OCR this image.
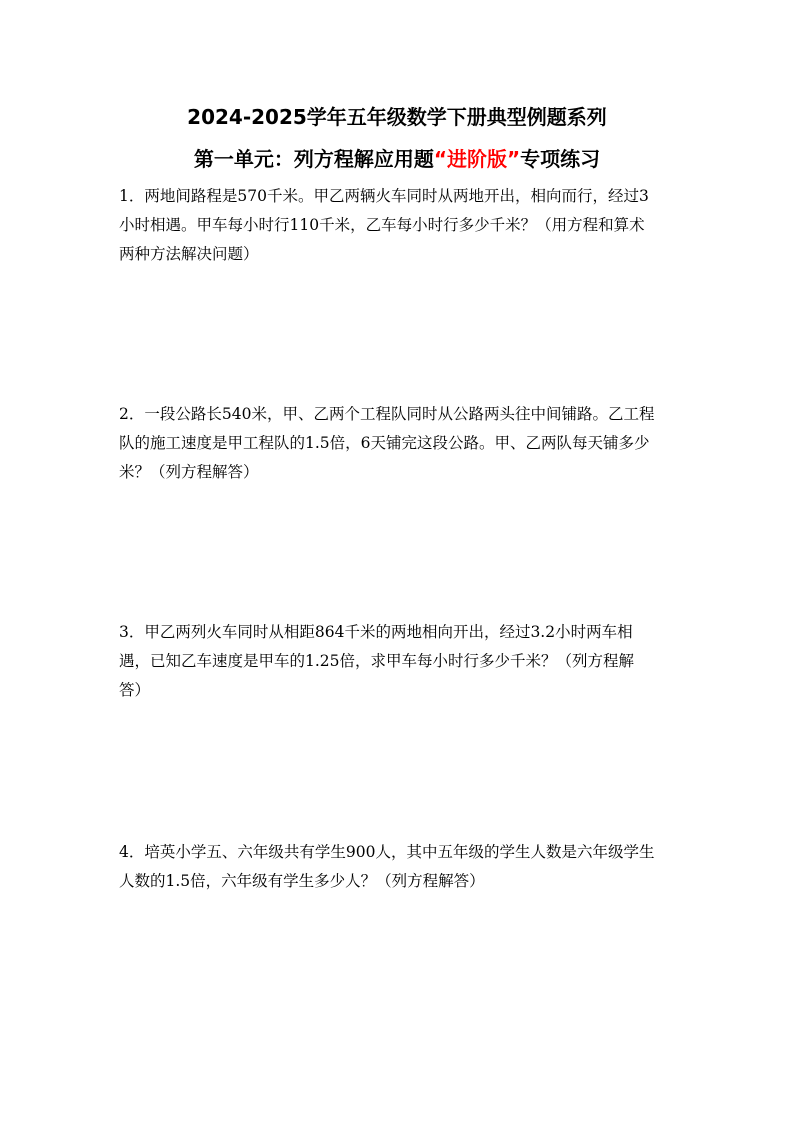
2024-2025学年五年级数学下册典型例题系列
第一单元：列方程解应用题“进阶版”专项练习
1．两地间路程是570千米。甲乙两辆火车同时从两地开出，相向而行，经过3
小时相遇。甲车每小时行110千米，乙车每小时行多少千米？（用方程和算术
两种方法解决问题）
2．一段公路长540米，甲、乙两个工程队同时从公路两头往中间铺路。乙工程
队的施工速度是甲工程队的1.5倍，6天铺完这段公路。甲、乙两队每天铺多少
米？（列方程解答）
3．甲乙两列火车同时从相距864千米的两地相向开出，经过3.2小时两车相
遇，已知乙车速度是甲车的1.25倍，求甲车每小时行多少千米？（列方程解
答）
4．培英小学五、六年级共有学生900人，其中五年级的学生人数是六年级学生
人数的1.5倍，六年级有学生多少人？（列方程解答）
